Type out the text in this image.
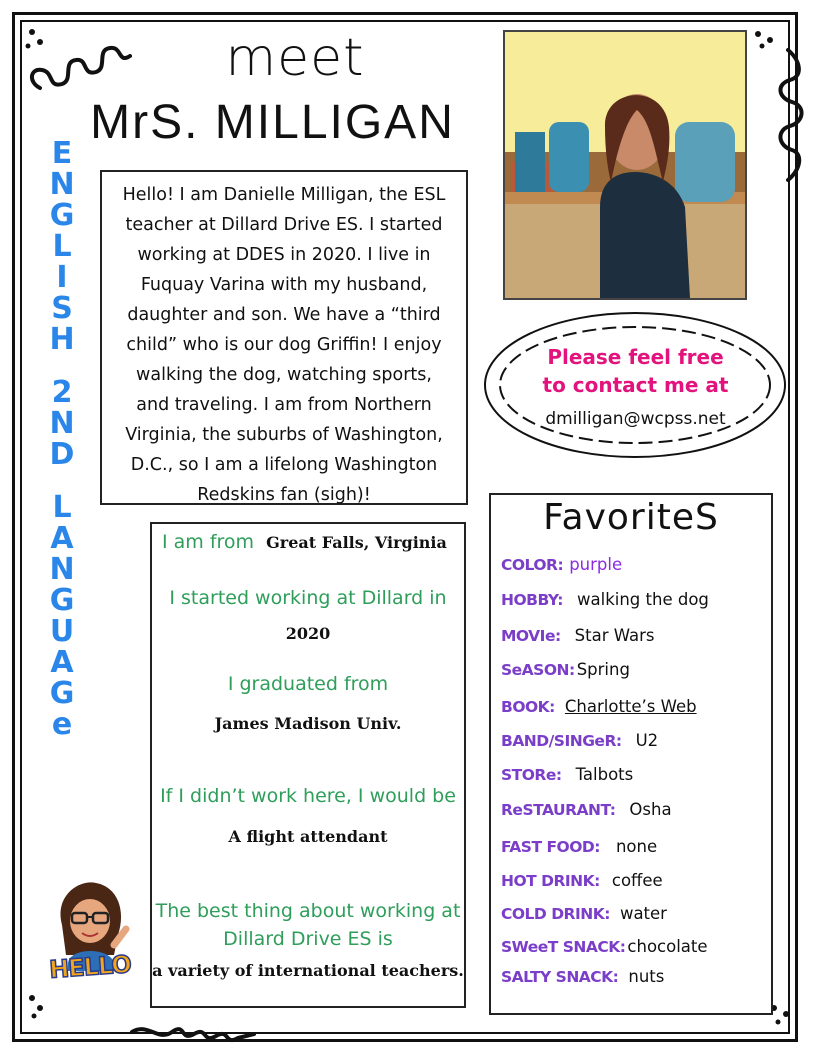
meet
MrS. MILLIGAN
E
N
G
L
I
S
H
2
N
D
L
A
N
G
U
A
G
e

Hello! I am Danielle Milligan, the ESL teacher at Dillard Drive ES. I started working at DDES in 2020. I live in Fuquay Varina with my husband, daughter and son. We have a “third child” who is our dog Griffin! I enjoy walking the dog, watching sports, and traveling. I am from Northern Virginia, the suburbs of Washington, D.C., so I am a lifelong Washington Redskins fan (sigh)!

Please feel free
to contact me at
dmilligan@wcpss.net
I am from Great Falls, Virginia
I started working at Dillard in
2020
I graduated from
James Madison Univ.
If I didn’t work here, I would be
A flight attendant
The best thing about working at
Dillard Drive ES is
a variety of international teachers.
FavoriteS
COLOR: purple
HOBBY: walking the dog
MOVIe: Star Wars
SeASON: Spring
BOOK: Charlotte’s Web
BAND/SINGeR: U2
STORe: Talbots
ReSTAURANT: Osha
FAST FOOD: none
HOT DRINK: coffee
COLD DRINK: water
SWeeT SNACK: chocolate
SALTY SNACK: nuts
HELLO
